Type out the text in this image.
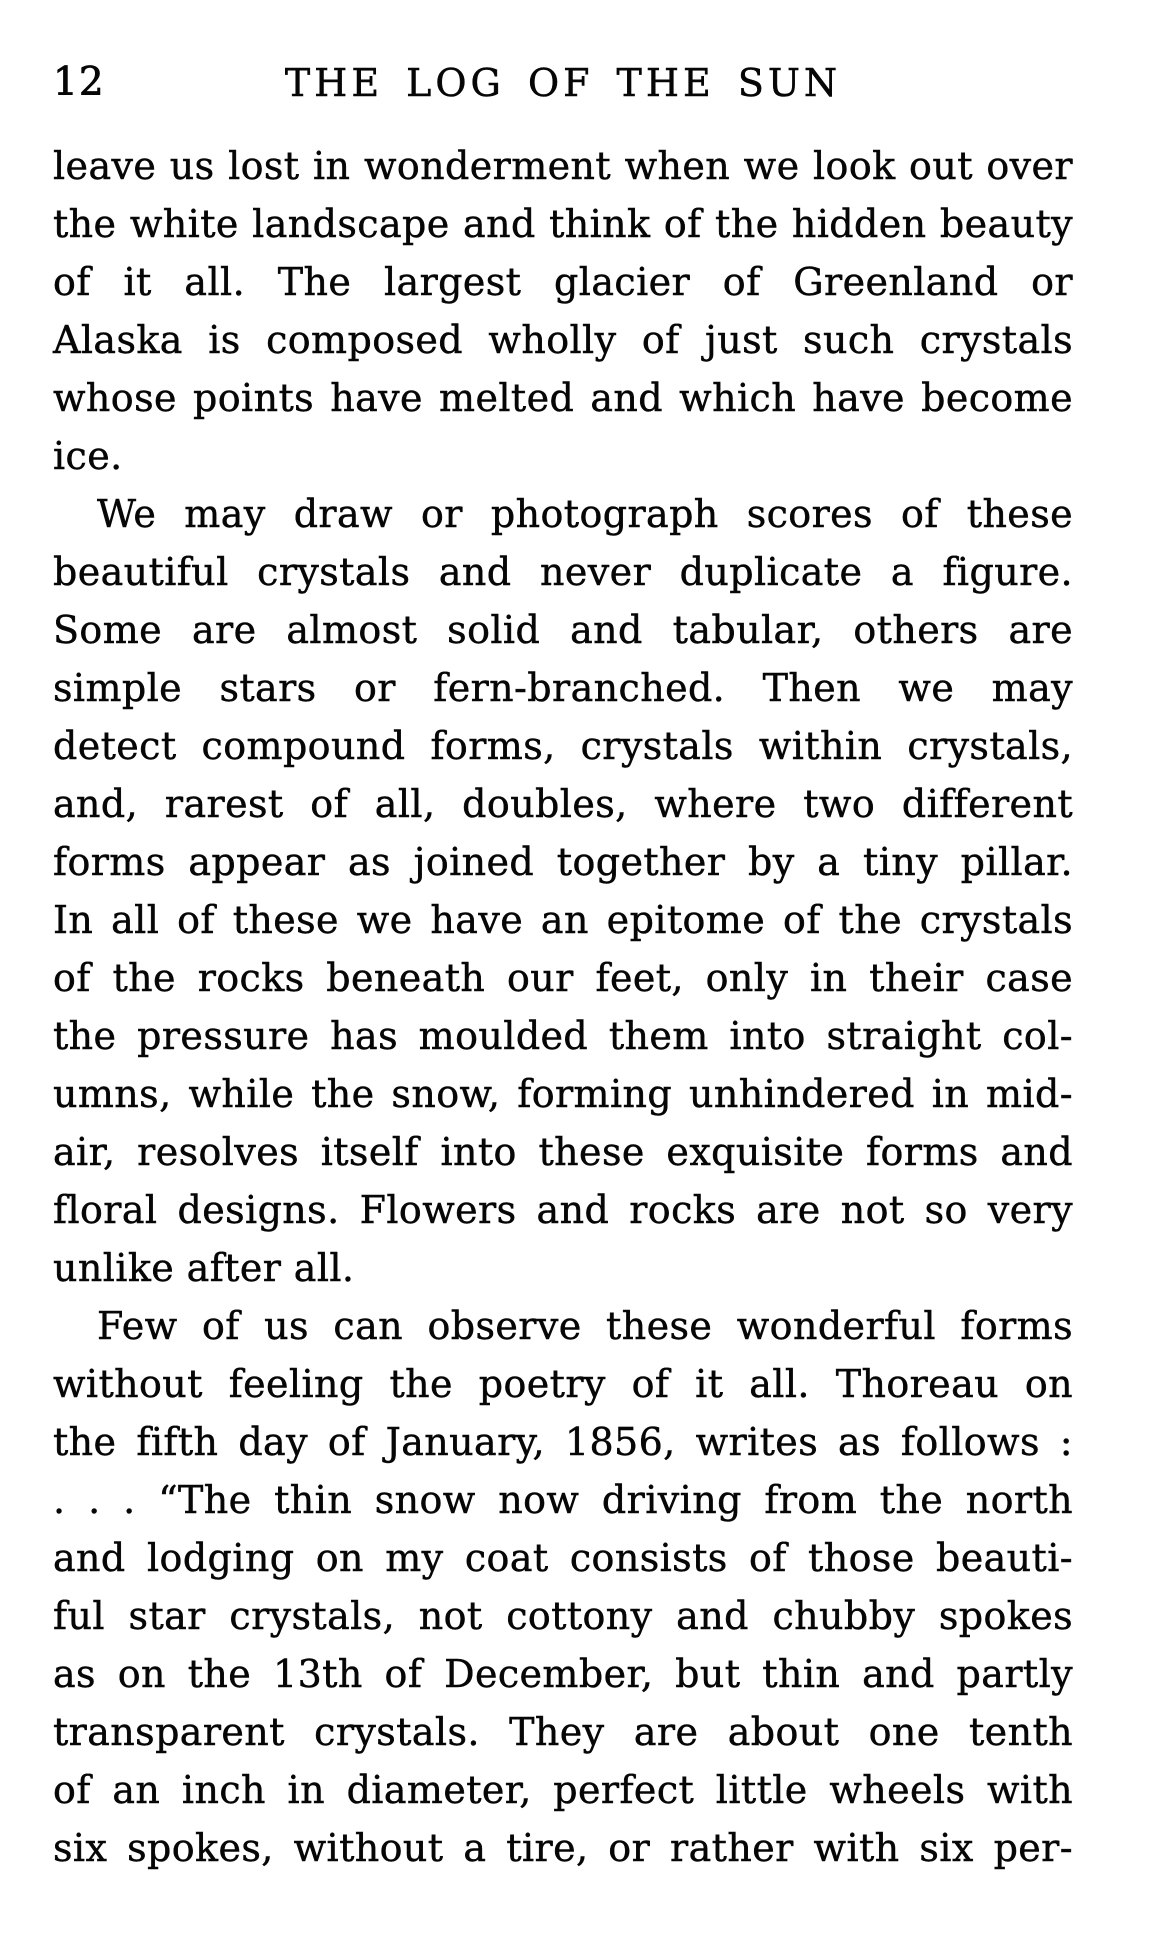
12	THE LOG OF THE SUN
leave us lost in wonderment when we look out over
the white landscape and think of the hidden beauty
of it all. The largest glacier of Greenland or
Alaska is composed wholly of just such crystals
whose points have melted and which have become
ice.
We may draw or photograph scores of these
beautiful crystals and never duplicate a figure.
Some are almost solid and tabular, others are
simple stars or fern-branched. Then we may
detect compound forms, crystals within crystals,
and, rarest of all, doubles, where two different
forms appear as joined together by a tiny pillar.
In all of these we have an epitome of the crystals
of the rocks beneath our feet, only in their case
the pressure has moulded them into straight col-
umns, while the snow, forming unhindered in mid-
air, resolves itself into these exquisite forms and
floral designs. Flowers and rocks are not so very
unlike after all.
Few of us can observe these wonderful forms
without feeling the poetry of it all. Thoreau on
the fifth day of January, 1856, writes as follows :
. . . “The thin snow now driving from the north
and lodging on my coat consists of those beauti-
ful star crystals, not cottony and chubby spokes
as on the 13th of December, but thin and partly
transparent crystals. They are about one tenth
of an inch in diameter, perfect little wheels with
six spokes, without a tire, or rather with six per-
